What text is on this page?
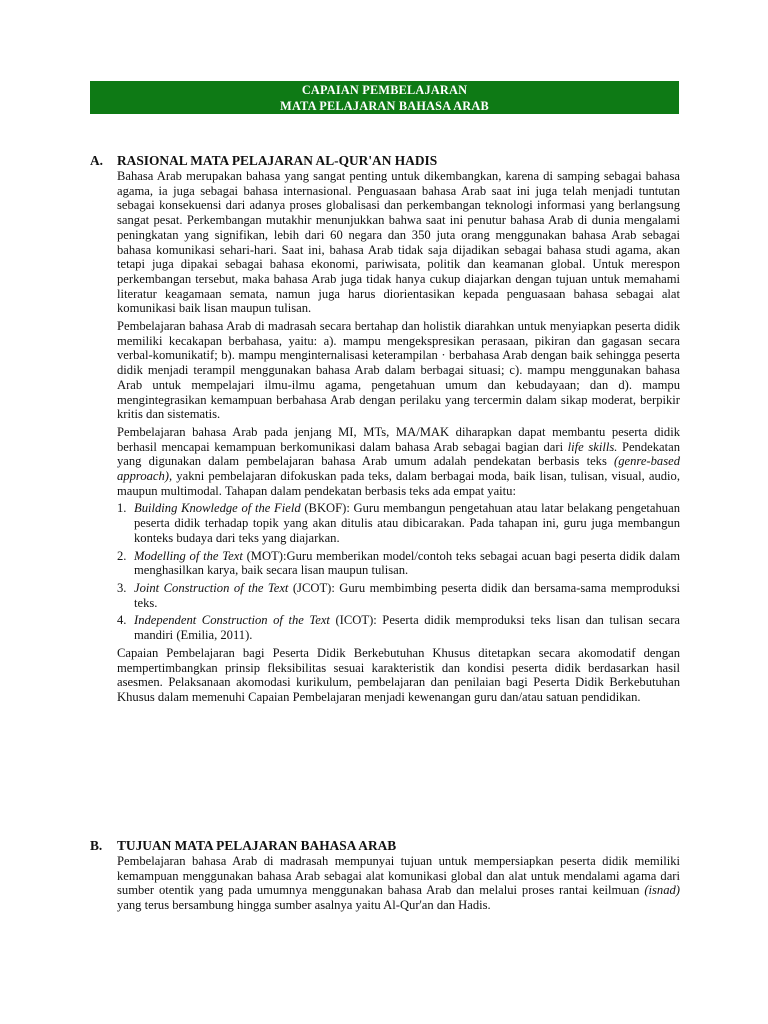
CAPAIAN PEMBELAJARAN
MATA PELAJARAN BAHASA ARAB
A. RASIONAL MATA PELAJARAN AL-QUR'AN HADIS

Bahasa Arab merupakan bahasa yang sangat penting untuk dikembangkan, karena di samping sebagai bahasa agama, ia juga sebagai bahasa internasional. Penguasaan bahasa Arab saat ini juga telah menjadi tuntutan sebagai konsekuensi dari adanya proses globalisasi dan perkembangan teknologi informasi yang berlangsung sangat pesat. Perkembangan mutakhir menunjukkan bahwa saat ini penutur bahasa Arab di dunia mengalami peningkatan yang signifikan, lebih dari 60 negara dan 350 juta orang menggunakan bahasa Arab sebagai bahasa komunikasi sehari-hari. Saat ini, bahasa Arab tidak saja dijadikan sebagai bahasa studi agama, akan tetapi juga dipakai sebagai bahasa ekonomi, pariwisata, politik dan keamanan global. Untuk merespon perkembangan tersebut, maka bahasa Arab juga tidak hanya cukup diajarkan dengan tujuan untuk memahami literatur keagamaan semata, namun juga harus diorientasikan kepada penguasaan bahasa sebagai alat komunikasi baik lisan maupun tulisan.

Pembelajaran bahasa Arab di madrasah secara bertahap dan holistik diarahkan untuk menyiapkan peserta didik memiliki kecakapan berbahasa, yaitu: a). mampu mengekspresikan perasaan, pikiran dan gagasan secara verbal-komunikatif; b). mampu menginternalisasi keterampilan · berbahasa Arab dengan baik sehingga peserta didik menjadi terampil menggunakan bahasa Arab dalam berbagai situasi; c). mampu menggunakan bahasa Arab untuk mempelajari ilmu-ilmu agama, pengetahuan umum dan kebudayaan; dan d). mampu mengintegrasikan kemampuan berbahasa Arab dengan perilaku yang tercermin dalam sikap moderat, berpikir kritis dan sistematis.

Pembelajaran bahasa Arab pada jenjang MI, MTs, MA/MAK diharapkan dapat membantu peserta didik berhasil mencapai kemampuan berkomunikasi dalam bahasa Arab sebagai bagian dari life skills. Pendekatan yang digunakan dalam pembelajaran bahasa Arab umum adalah pendekatan berbasis teks (genre-based approach), yakni pembelajaran difokuskan pada teks, dalam berbagai moda, baik lisan, tulisan, visual, audio, maupun multimodal. Tahapan dalam pendekatan berbasis teks ada empat yaitu:

1. Building Knowledge of the Field (BKOF): Guru membangun pengetahuan atau latar belakang pengetahuan peserta didik terhadap topik yang akan ditulis atau dibicarakan. Pada tahapan ini, guru juga membangun konteks budaya dari teks yang diajarkan.
2. Modelling of the Text (MOT):Guru memberikan model/contoh teks sebagai acuan bagi peserta didik dalam menghasilkan karya, baik secara lisan maupun tulisan.
3. Joint Construction of the Text (JCOT): Guru membimbing peserta didik dan bersama-sama memproduksi teks.
4. Independent Construction of the Text (ICOT): Peserta didik memproduksi teks lisan dan tulisan secara mandiri (Emilia, 2011).

Capaian Pembelajaran bagi Peserta Didik Berkebutuhan Khusus ditetapkan secara akomodatif dengan mempertimbangkan prinsip fleksibilitas sesuai karakteristik dan kondisi peserta didik berdasarkan hasil asesmen. Pelaksanaan akomodasi kurikulum, pembelajaran dan penilaian bagi Peserta Didik Berkebutuhan Khusus dalam memenuhi Capaian Pembelajaran menjadi kewenangan guru dan/atau satuan pendidikan.

B. TUJUAN MATA PELAJARAN BAHASA ARAB

Pembelajaran bahasa Arab di madrasah mempunyai tujuan untuk mempersiapkan peserta didik memiliki kemampuan menggunakan bahasa Arab sebagai alat komunikasi global dan alat untuk mendalami agama dari sumber otentik yang pada umumnya menggunakan bahasa Arab dan melalui proses rantai keilmuan (isnad) yang terus bersambung hingga sumber asalnya yaitu Al-Qur'an dan Hadis.
